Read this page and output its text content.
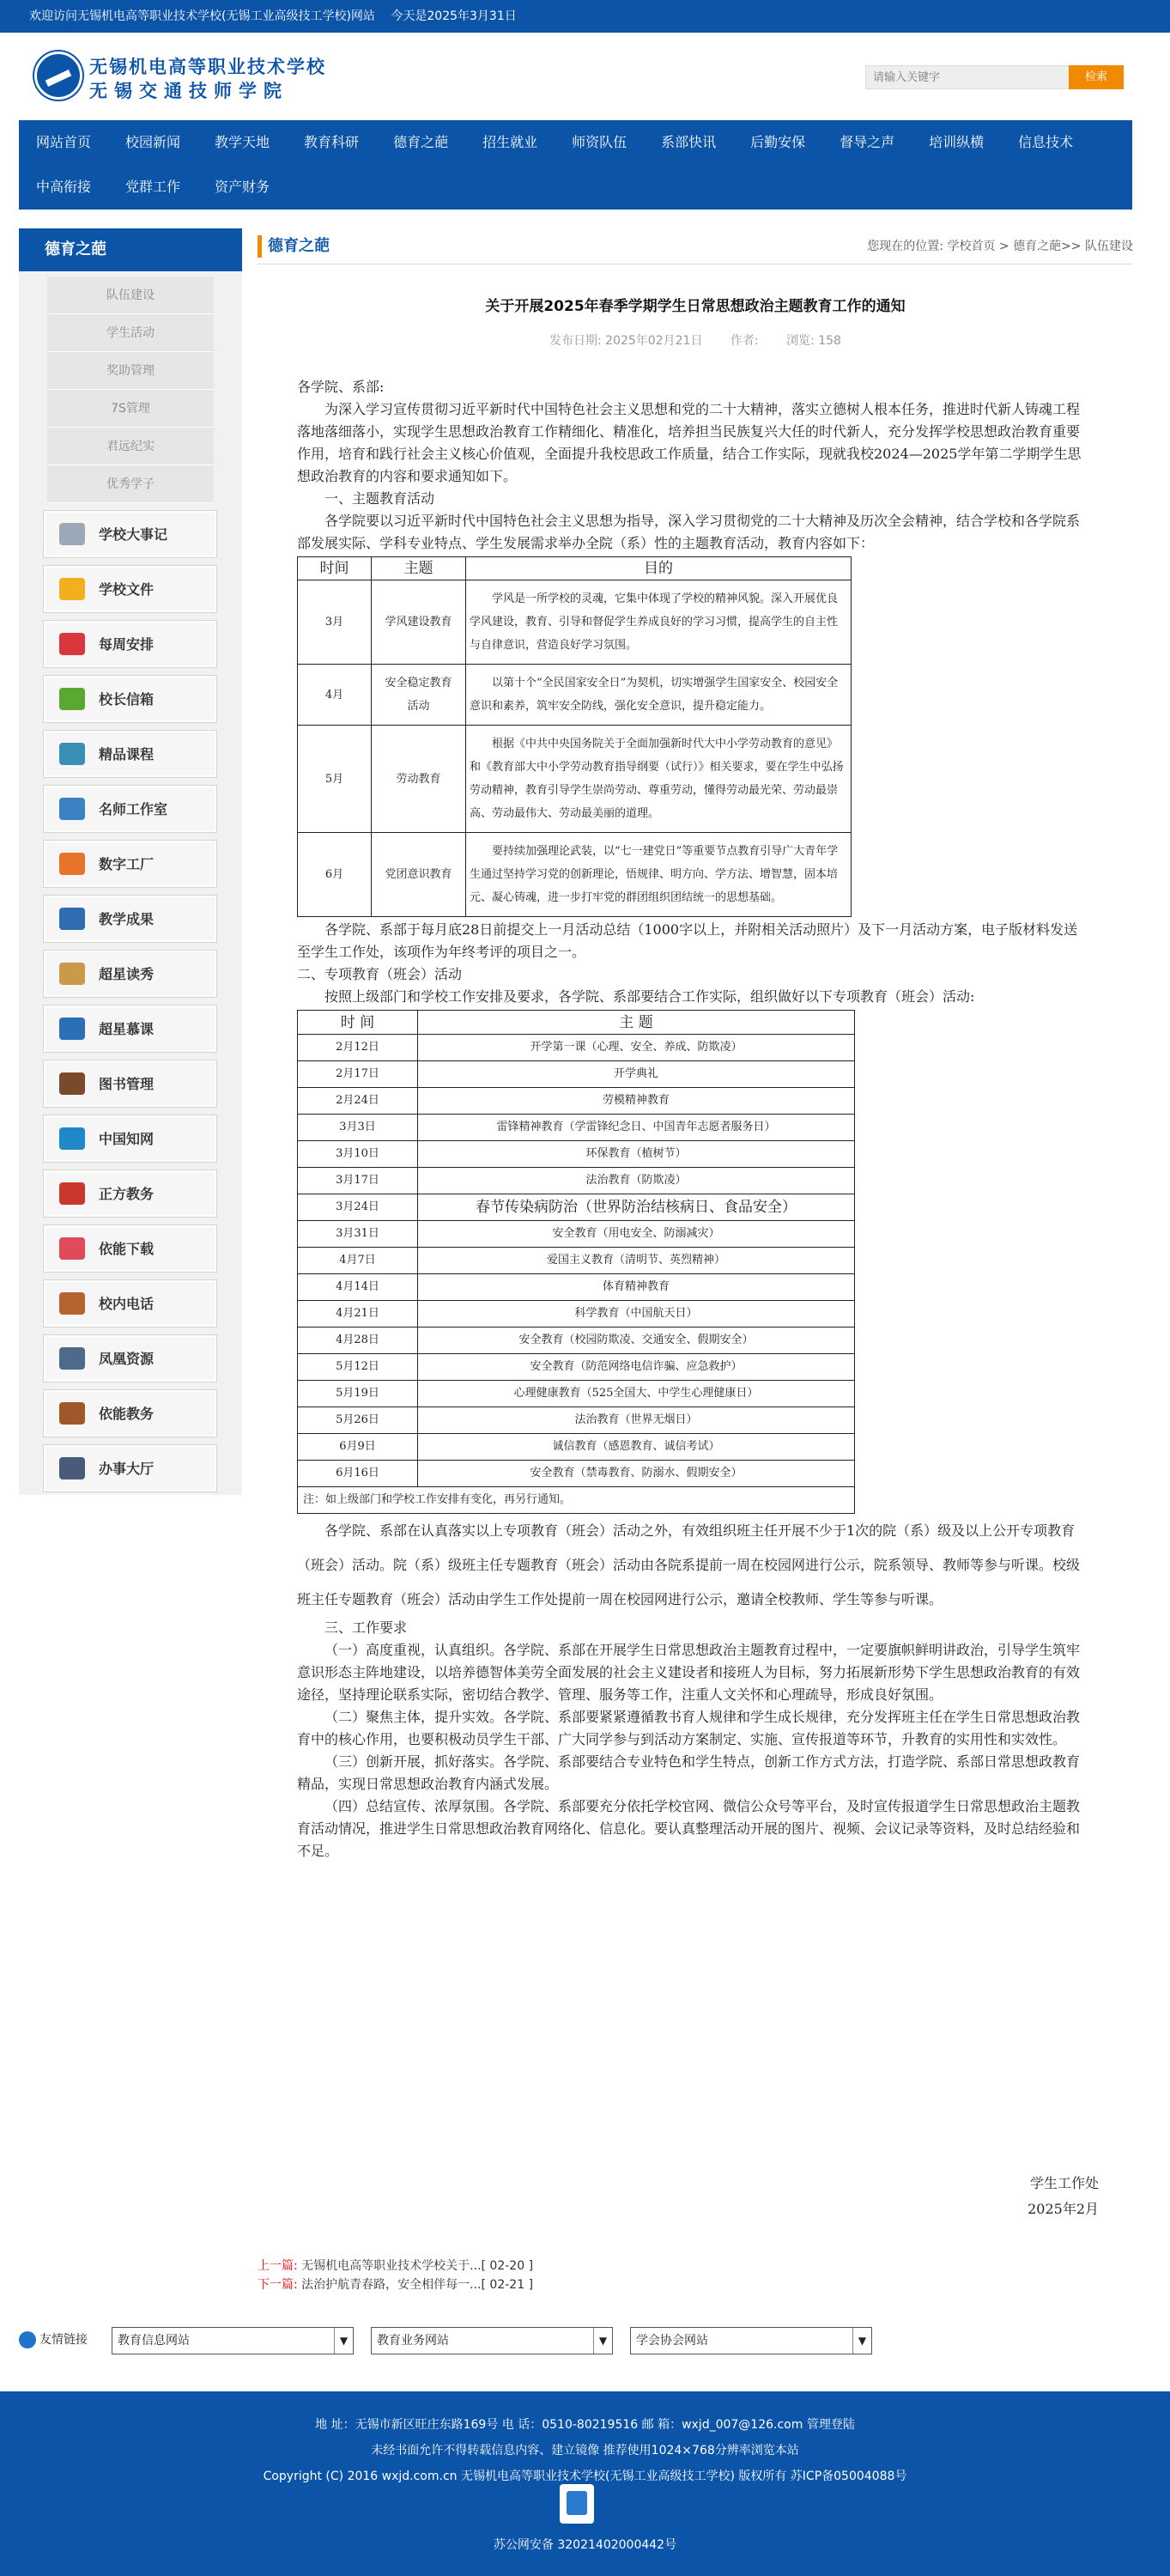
欢迎访问无锡机电高等职业技术学校(无锡工业高级技工学校)网站 今天是2025年3月31日
无锡机电高等职业技术学校
无锡交通技师学院
请输入关键字
检索
网站首页	校园新闻	教学天地	教育科研	德育之葩	招生就业	师资队伍	系部快讯	后勤安保	督导之声	培训纵横	信息技术
中高衔接	党群工作	资产财务
德育之葩
队伍建设
学生活动
奖助管理
7S管理
君远纪实
优秀学子
学校大事记
学校文件
每周安排
校长信箱
精品课程
名师工作室
数字工厂
教学成果
超星读秀
超星慕课
图书管理
中国知网
正方教务
依能下载
校内电话
凤凰资源
依能教务
办事大厅
德育之葩	您现在的位置: 学校首页 > 德育之葩>> 队伍建设
关于开展2025年春季学期学生日常思想政治主题教育工作的通知
发布日期: 2025年02月21日 作者: 浏览: 158

各学院、系部:

为深入学习宣传贯彻习近平新时代中国特色社会主义思想和党的二十大精神，落实立德树人根本任务，推进时代新人铸魂工程落地落细落小，实现学生思想政治教育工作精细化、精准化，培养担当民族复兴大任的时代新人，充分发挥学校思想政治教育重要作用，培育和践行社会主义核心价值观，全面提升我校思政工作质量，结合工作实际，现就我校2024—2025学年第二学期学生思想政治教育的内容和要求通知如下。

一、主题教育活动

各学院要以习近平新时代中国特色社会主义思想为指导，深入学习贯彻党的二十大精神及历次全会精神，结合学校和各学院系部发展实际、学科专业特点、学生发展需求举办全院（系）性的主题教育活动，教育内容如下：

时间	主题	目的
3月	学风建设教育	学风是一所学校的灵魂，它集中体现了学校的精神风貌。深入开展优良学风建设，教育、引导和督促学生养成良好的学习习惯，提高学生的自主性与自律意识，营造良好学习氛围。
4月	安全稳定教育活动	以第十个“全民国家安全日”为契机，切实增强学生国家安全、校园安全意识和素养，筑牢安全防线，强化安全意识，提升稳定能力。
5月	劳动教育	根据《中共中央国务院关于全面加强新时代大中小学劳动教育的意见》和《教育部大中小学劳动教育指导纲要（试行）》相关要求，要在学生中弘扬劳动精神，教育引导学生崇尚劳动、尊重劳动，懂得劳动最光荣、劳动最崇高、劳动最伟大、劳动最美丽的道理。
6月	党团意识教育	要持续加强理论武装，以“七一建党日”等重要节点教育引导广大青年学生通过坚持学习党的创新理论，悟规律、明方向、学方法、增智慧，固本培元、凝心铸魂，进一步打牢党的群团组织团结统一的思想基础。

各学院、系部于每月底28日前提交上一月活动总结（1000字以上，并附相关活动照片）及下一月活动方案，电子版材料发送至学生工作处，该项作为年终考评的项目之一。

二、专项教育（班会）活动

按照上级部门和学校工作安排及要求，各学院、系部要结合工作实际，组织做好以下专项教育（班会）活动:

时 间	主 题
2月12日	开学第一课（心理、安全、养成、防欺凌）
2月17日	开学典礼
2月24日	劳模精神教育
3月3日	雷锋精神教育（学雷锋纪念日、中国青年志愿者服务日）
3月10日	环保教育（植树节）
3月17日	法治教育（防欺凌）
3月24日	春节传染病防治（世界防治结核病日、食品安全）
3月31日	安全教育（用电安全、防溺减灾）
4月7日	爱国主义教育（清明节、英烈精神）
4月14日	体育精神教育
4月21日	科学教育（中国航天日）
4月28日	安全教育（校园防欺凌、交通安全、假期安全）
5月12日	安全教育（防范网络电信诈骗、应急救护）
5月19日	心理健康教育（525全国大、中学生心理健康日）
5月26日	法治教育（世界无烟日）
6月9日	诚信教育（感恩教育、诚信考试）
6月16日	安全教育（禁毒教育、防溺水、假期安全）
注：如上级部门和学校工作安排有变化，再另行通知。	

各学院、系部在认真落实以上专项教育（班会）活动之外，有效组织班主任开展不少于1次的院（系）级及以上公开专项教育（班会）活动。院（系）级班主任专题教育（班会）活动由各院系提前一周在校园网进行公示，院系领导、教师等参与听课。校级班主任专题教育（班会）活动由学生工作处提前一周在校园网进行公示，邀请全校教师、学生等参与听课。

三、工作要求

（一）高度重视，认真组织。各学院、系部在开展学生日常思想政治主题教育过程中，一定要旗帜鲜明讲政治，引导学生筑牢意识形态主阵地建设，以培养德智体美劳全面发展的社会主义建设者和接班人为目标，努力拓展新形势下学生思想政治教育的有效途径，坚持理论联系实际，密切结合教学、管理、服务等工作，注重人文关怀和心理疏导，形成良好氛围。

（二）聚焦主体，提升实效。各学院、系部要紧紧遵循教书育人规律和学生成长规律，充分发挥班主任在学生日常思想政治教育中的核心作用，也要积极动员学生干部、广大同学参与到活动方案制定、实施、宣传报道等环节，升教育的实用性和实效性。

（三）创新开展，抓好落实。各学院、系部要结合专业特色和学生特点，创新工作方式方法，打造学院、系部日常思想政教育精品，实现日常思想政治教育内涵式发展。

（四）总结宣传、浓厚氛围。各学院、系部要充分依托学校官网、微信公众号等平台，及时宣传报道学生日常思想政治主题教育活动情况，推进学生日常思想政治教育网络化、信息化。要认真整理活动开展的图片、视频、会议记录等资料，及时总结经验和不足。

学生工作处
2025年2月
上一篇: 无锡机电高等职业技术学校关于...[ 02-20 ]
下一篇: 法治护航青春路，安全相伴每一...[ 02-21 ]
友情链接	教育信息网站	▼	教育业务网站	▼	学会协会网站	▼
地 址：无锡市新区旺庄东路169号 电 话：0510-80219516 邮 箱：wxjd_007@126.com 管理登陆
未经书面允许不得转载信息内容、建立镜像 推荐使用1024×768分辨率浏览本站
Copyright (C) 2016 wxjd.com.cn 无锡机电高等职业技术学校(无锡工业高级技工学校) 版权所有 苏ICP备05004088号
苏公网安备 32021402000442号
